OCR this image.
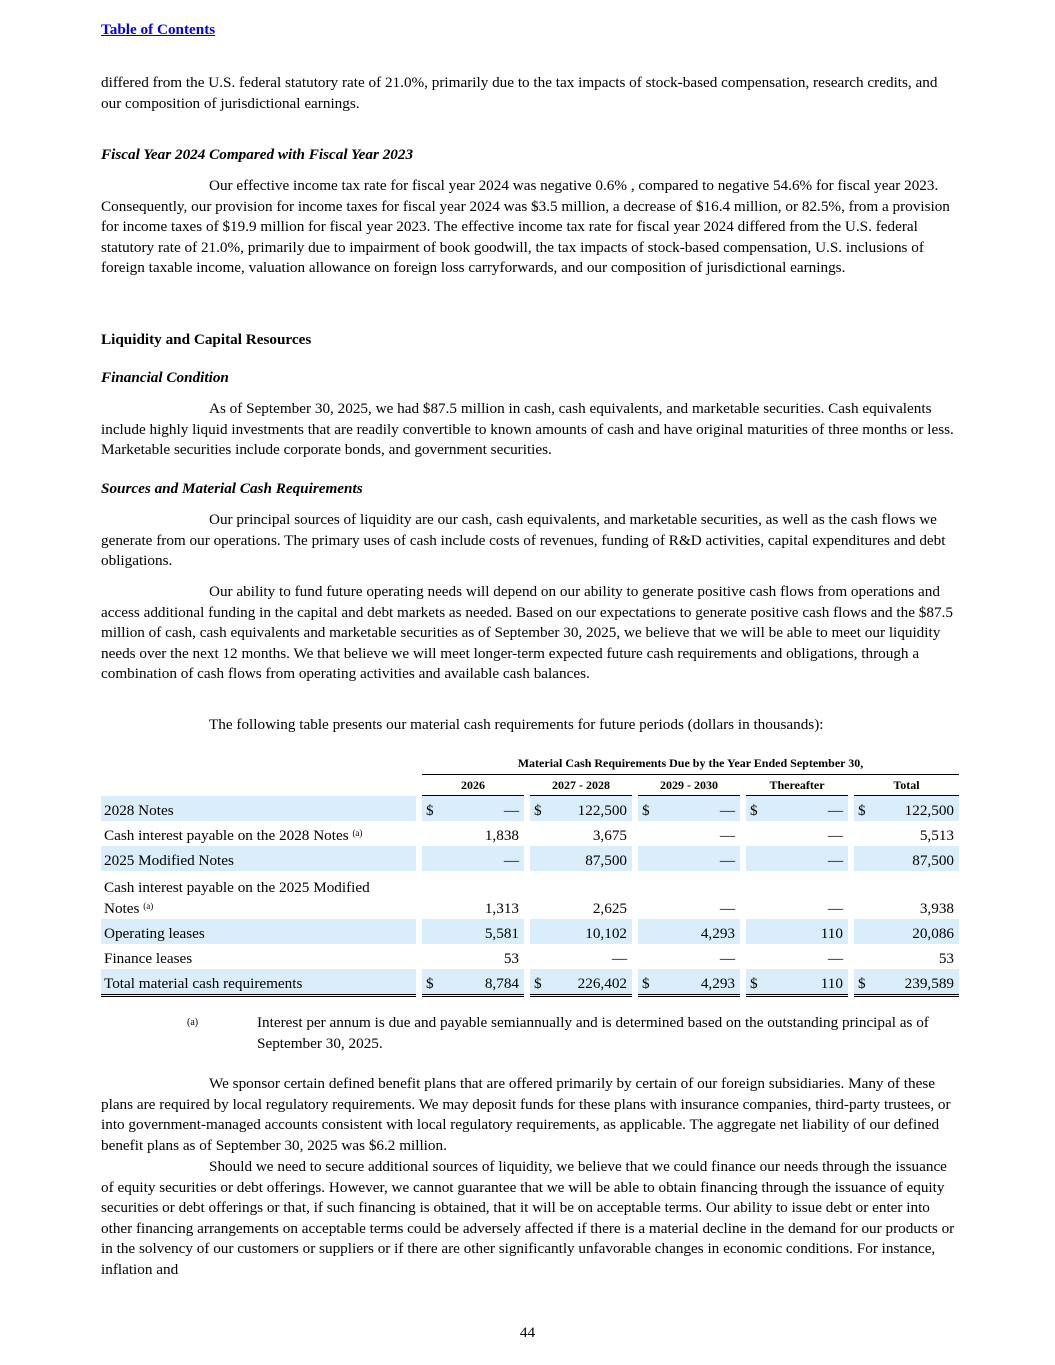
Table of Contents

differed from the U.S. federal statutory rate of 21.0%, primarily due to the tax impacts of stock-based compensation, research credits, and our composition of jurisdictional earnings.

Fiscal Year 2024 Compared with Fiscal Year 2023

Our effective income tax rate for fiscal year 2024 was negative 0.6% , compared to negative 54.6% for fiscal year 2023. Consequently, our provision for income taxes for fiscal year 2024 was $3.5 million, a decrease of $16.4 million, or 82.5%, from a provision for income taxes of $19.9 million for fiscal year 2023. The effective income tax rate for fiscal year 2024 differed from the U.S. federal statutory rate of 21.0%, primarily due to impairment of book goodwill, the tax impacts of stock-based compensation, U.S. inclusions of foreign taxable income, valuation allowance on foreign loss carryforwards, and our composition of jurisdictional earnings.

Liquidity and Capital Resources

Financial Condition

As of September 30, 2025, we had $87.5 million in cash, cash equivalents, and marketable securities. Cash equivalents include highly liquid investments that are readily convertible to known amounts of cash and have original maturities of three months or less. Marketable securities include corporate bonds, and government securities.

Sources and Material Cash Requirements

Our principal sources of liquidity are our cash, cash equivalents, and marketable securities, as well as the cash flows we generate from our operations. The primary uses of cash include costs of revenues, funding of R&D activities, capital expenditures and debt obligations.

Our ability to fund future operating needs will depend on our ability to generate positive cash flows from operations and access additional funding in the capital and debt markets as needed. Based on our expectations to generate positive cash flows and the $87.5 million of cash, cash equivalents and marketable securities as of September 30, 2025, we believe that we will be able to meet our liquidity needs over the next 12 months. We that believe we will meet longer-term expected future cash requirements and obligations, through a combination of cash flows from operating activities and available cash balances.

The following table presents our material cash requirements for future periods (dollars in thousands):

		Material Cash Requirements Due by the Year Ended September 30,													
		2026			2027 - 2028			2029 - 2030			Thereafter			Total	
2028 Notes		$	—		$	122,500		$	—		$	—		$	122,500
Cash interest payable on the 2028 Notes $^{(a)}$			1,838			3,675			—			—			5,513
2025 Modified Notes			—			87,500			—			—			87,500

Cash interest payable on the 2025 Modified
Notes $^{(a)}$			1,313			2,625			—			—			3,938
Operating leases			5,581			10,102			4,293			110			20,086
Finance leases			53			—			—			—			53
Total material cash requirements		$	8,784		$	226,402		$	4,293		$	110		$	239,589
(a)	Interest per annum is due and payable semiannually and is determined based on the outstanding principal as of September 30, 2025.

We sponsor certain defined benefit plans that are offered primarily by certain of our foreign subsidiaries. Many of these plans are required by local regulatory requirements. We may deposit funds for these plans with insurance companies, third-party trustees, or into government-managed accounts consistent with local regulatory requirements, as applicable. The aggregate net liability of our defined benefit plans as of September 30, 2025 was $6.2 million.

Should we need to secure additional sources of liquidity, we believe that we could finance our needs through the issuance of equity securities or debt offerings. However, we cannot guarantee that we will be able to obtain financing through the issuance of equity securities or debt offerings or that, if such financing is obtained, that it will be on acceptable terms. Our ability to issue debt or enter into other financing arrangements on acceptable terms could be adversely affected if there is a material decline in the demand for our products or in the solvency of our customers or suppliers or if there are other significantly unfavorable changes in economic conditions. For instance, inflation and

44
